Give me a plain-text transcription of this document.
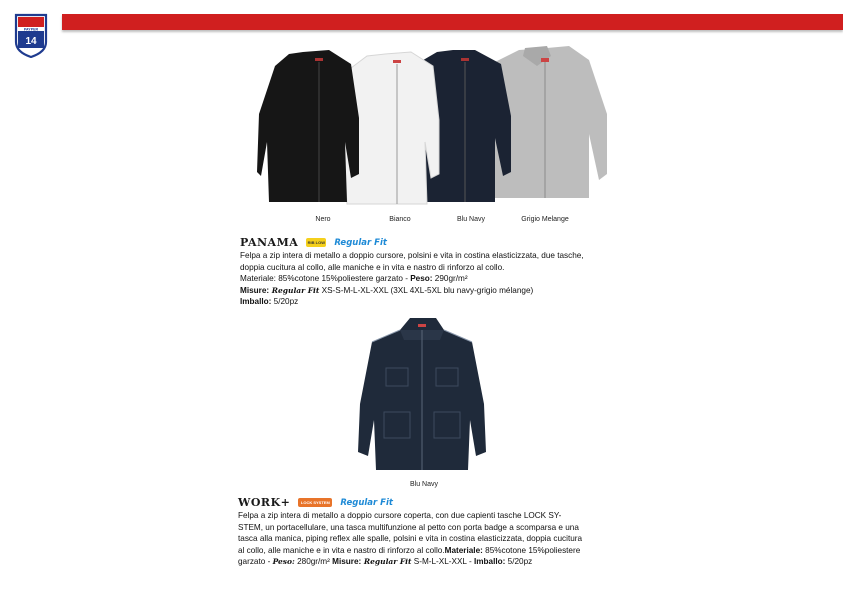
PAYPER
14
Nero	Bianco	Blu Navy	Grigio Melange
PANAMA	RIB LOW Regular Fit
Felpa a zip intera di metallo a doppio cursore, polsini e vita in costina elasticizzata, due tasche,
doppia cucitura al collo, alle maniche e in vita e nastro di rinforzo al collo.
Materiale: 85%cotone 15%poliestere garzato - Peso: 290gr/m²
Misure: Regular Fit XS-S-M-L-XL-XXL (3XL 4XL-5XL blu navy-grigio mélange)
Imballo: 5/20pz
Blu Navy
WORK+	LOCK SYSTEM	Regular Fit
Felpa a zip intera di metallo a doppio cursore coperta, con due capienti tasche LOCK SY-
STEM, un portacellulare, una tasca multifunzione al petto con porta badge a scomparsa e una
tasca alla manica, piping reflex alle spalle, polsini e vita in costina elasticizzata, doppia cucitura
al collo, alle maniche e in vita e nastro di rinforzo al collo.Materiale: 85%cotone 15%poliestere
garzato - Peso: 280gr/m² Misure: Regular Fit S-M-L-XL-XXL - Imballo: 5/20pz
